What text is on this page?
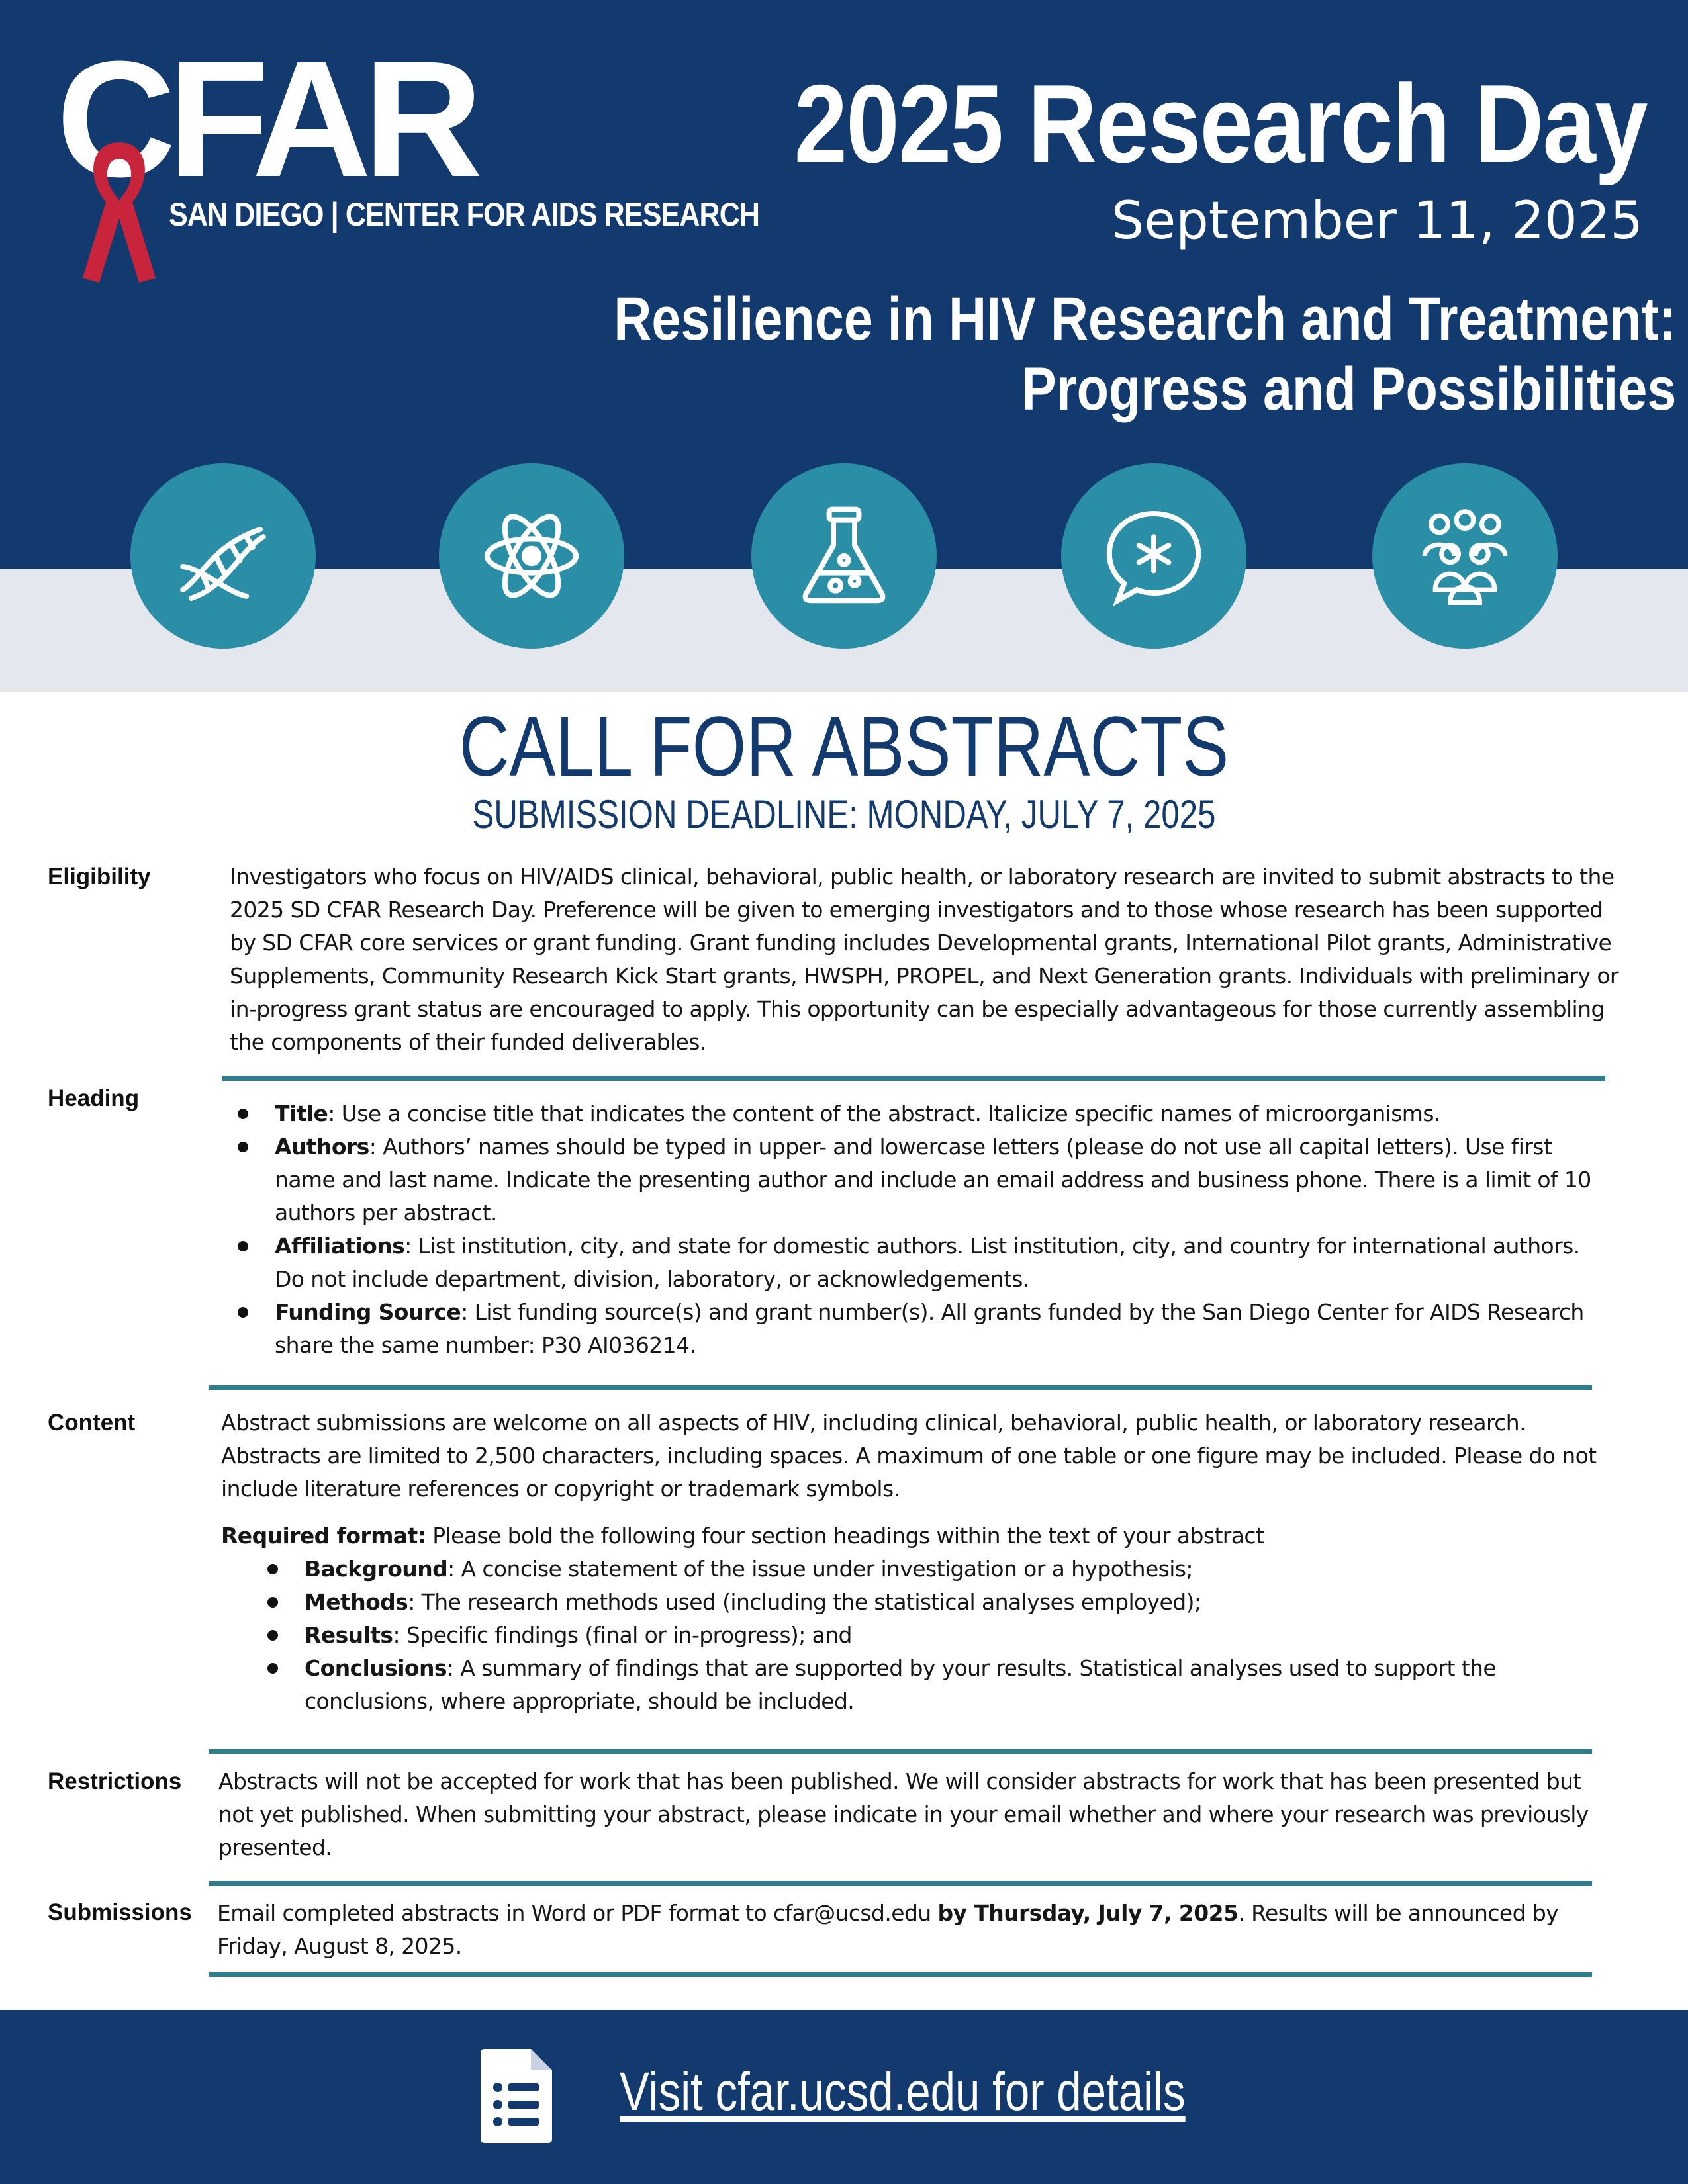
CFAR
SAN DIEGO | CENTER FOR AIDS RESEARCH
2025 Research Day
September 11, 2025
Resilience in HIV Research and Treatment:
Progress and Possibilities
CALL FOR ABSTRACTS
SUBMISSION DEADLINE: MONDAY, JULY 7, 2025
Eligibility	Investigators who focus on HIV/AIDS clinical, behavioral, public health, or laboratory research are invited to submit abstracts to the 2025 SD CFAR Research Day. Preference will be given to emerging investigators and to those whose research has been supported by SD CFAR core services or grant funding. Grant funding includes Developmental grants, International Pilot grants, Administrative Supplements, Community Research Kick Start grants, HWSPH, PROPEL, and Next Generation grants. Individuals with preliminary or in-progress grant status are encouraged to apply. This opportunity can be especially advantageous for those currently assembling the components of their funded deliverables.
Heading
Title: Use a concise title that indicates the content of the abstract. Italicize specific names of microorganisms.
Authors: Authors’ names should be typed in upper- and lowercase letters (please do not use all capital letters). Use first name and last name. Indicate the presenting author and include an email address and business phone. There is a limit of 10 authors per abstract.
Affiliations: List institution, city, and state for domestic authors. List institution, city, and country for international authors. Do not include department, division, laboratory, or acknowledgements.
Funding Source: List funding source(s) and grant number(s). All grants funded by the San Diego Center for AIDS Research share the same number: P30 AI036214.
Content	Abstract submissions are welcome on all aspects of HIV, including clinical, behavioral, public health, or laboratory research. Abstracts are limited to 2,500 characters, including spaces. A maximum of one table or one figure may be included. Please do not include literature references or copyright or trademark symbols.
Required format: Please bold the following four section headings within the text of your abstract
Background: A concise statement of the issue under investigation or a hypothesis;
Methods: The research methods used (including the statistical analyses employed);
Results: Specific findings (final or in-progress); and
Conclusions: A summary of findings that are supported by your results. Statistical analyses used to support the conclusions, where appropriate, should be included.
Restrictions Abstracts will not be accepted for work that has been published. We will consider abstracts for work that has been presented but not yet published. When submitting your abstract, please indicate in your email whether and where your research was previously presented.
Submissions Email completed abstracts in Word or PDF format to cfar@ucsd.edu by Thursday, July 7, 2025. Results will be announced by Friday, August 8, 2025.
Visit cfar.ucsd.edu for details
